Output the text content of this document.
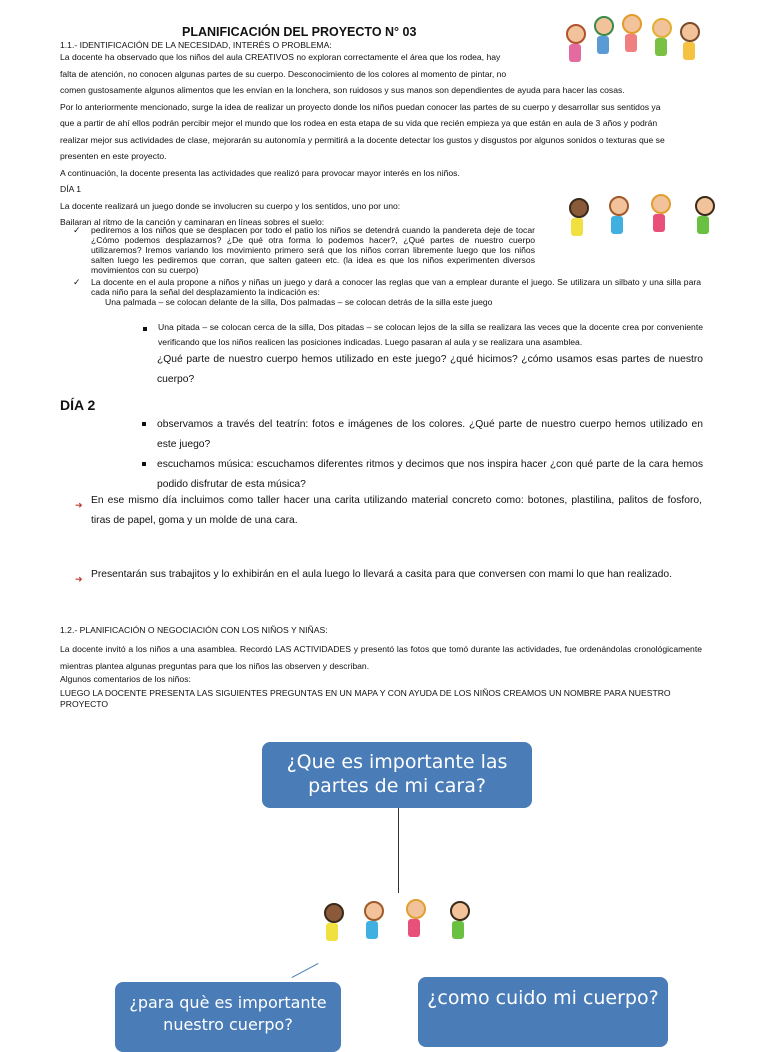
PLANIFICACIÓN DEL PROYECTO N° 03
1.1.- IDENTIFICACIÓN DE LA NECESIDAD, INTERÉS O PROBLEMA:
La docente ha observado que los niños del aula CREATIVOS no exploran correctamente el área que los rodea, hay
falta de atención, no conocen algunas partes de su cuerpo. Desconocimiento de los colores al momento de pintar, no
comen gustosamente algunos alimentos que les envían en la lonchera, son ruidosos y sus manos son dependientes de ayuda para hacer las cosas.
Por lo anteriormente mencionado, surge la idea de realizar un proyecto donde los niños puedan conocer las partes de su cuerpo y desarrollar sus sentidos ya
que a partir de ahí ellos podrán percibir mejor el mundo que los rodea en esta etapa de su vida que recién empieza ya que están en aula de 3 años y podrán
realizar mejor sus actividades de clase, mejorarán su autonomía y permitirá a la docente detectar los gustos y disgustos por algunos sonidos o texturas que se
presenten en este proyecto.
A continuación, la docente presenta las actividades que realizó para provocar mayor interés en los niños.
DÍA 1
La docente realizará un juego donde se involucren su cuerpo y los sentidos, uno por uno:
Bailaran al ritmo de la canción y caminaran en líneas sobres el suelo:
✓ pediremos a los niños que se desplacen por todo el patio los niños se detendrá cuando la pandereta deje de tocar ¿Cómo podemos desplazarnos? ¿De qué otra forma lo podemos hacer?, ¿Qué partes de nuestro cuerpo utilizaremos? Iremos variando los movimiento primero será que los niños corran libremente luego que los niños salten luego les pediremos que corran, que salten gateen etc. (la idea es que los niños experimenten diversos movimientos con su cuerpo)
✓ La docente en el aula propone a niños y niñas un juego y dará a conocer las reglas que van a emplear durante el juego. Se utilizara un silbato y una silla para cada niño para la señal del desplazamiento la indicación es:
Una palmada – se colocan delante de la silla, Dos palmadas – se colocan detrás de la silla este juego
Una pitada – se colocan cerca de la silla, Dos pitadas – se colocan lejos de la silla se realizara las veces que la docente crea por conveniente verificando que los niños realicen las posiciones indicadas. Luego pasaran al aula y se realizara una asamblea.
¿Qué parte de nuestro cuerpo hemos utilizado en este juego? ¿qué hicimos? ¿cómo usamos esas partes de nuestro cuerpo?
DÍA 2
observamos a través del teatrín: fotos e imágenes de los colores. ¿Qué parte de nuestro cuerpo hemos utilizado en este juego?
escuchamos música: escuchamos diferentes ritmos y decimos que nos inspira hacer ¿con qué parte de la cara hemos podido disfrutar de esta música?
➜ En ese mismo día incluimos como taller hacer una carita utilizando material concreto como: botones, plastilina, palitos de fosforo, tiras de papel, goma y un molde de una cara.
➜ Presentarán sus trabajitos y lo exhibirán en el aula luego lo llevará a casita para que conversen con mami lo que han realizado.
1.2.- PLANIFICACIÓN O NEGOCIACIÓN CON LOS NIÑOS Y NIÑAS:
La docente invitó a los niños a una asamblea. Recordó LAS ACTIVIDADES y presentó las fotos que tomó durante las actividades, fue ordenándolas cronológicamente mientras plantea algunas preguntas para que los niños las observen y describan.
Algunos comentarios de los niños:
LUEGO LA DOCENTE PRESENTA LAS SIGUIENTES PREGUNTAS EN UN MAPA Y CON AYUDA DE LOS NIÑOS CREAMOS UN NOMBRE PARA NUESTRO PROYECTO
¿Que es importante las partes de mi cara?
¿para què es importante nuestro cuerpo?
¿como cuido mi cuerpo?
